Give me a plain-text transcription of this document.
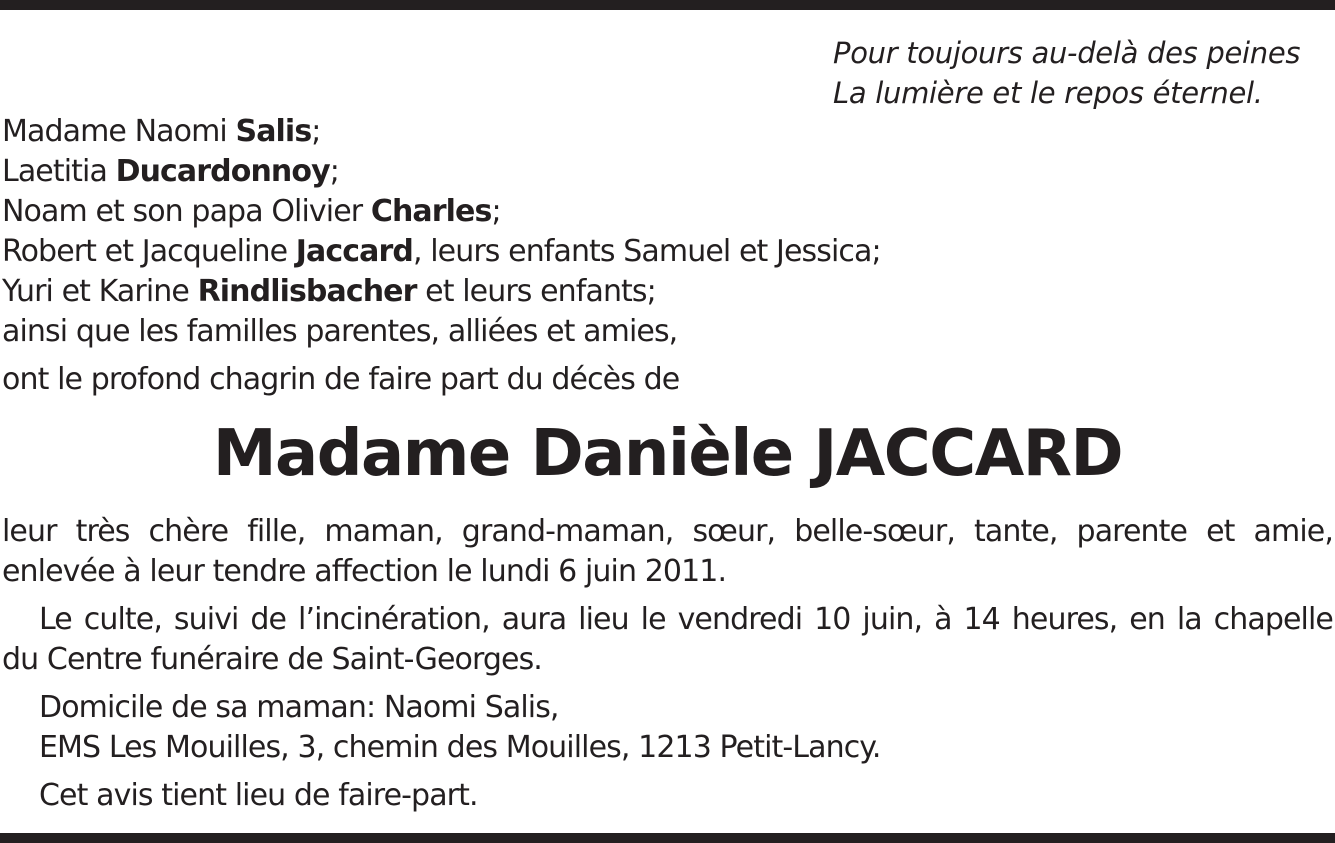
Pour toujours au-delà des peines
La lumière et le repos éternel.
Madame Naomi Salis;
Laetitia Ducardonnoy;
Noam et son papa Olivier Charles;
Robert et Jacqueline Jaccard, leurs enfants Samuel et Jessica;
Yuri et Karine Rindlisbacher et leurs enfants;
ainsi que les familles parentes, alliées et amies,
ont le profond chagrin de faire part du décès de
Madame Danièle JACCARD
leur très chère fille, maman, grand-maman, sœur, belle-sœur, tante, parente et amie,
enlevée à leur tendre affection le lundi 6 juin 2011.
Le culte, suivi de l’incinération, aura lieu le vendredi 10 juin, à 14 heures, en la chapelle
du Centre funéraire de Saint-Georges.
Domicile de sa maman: Naomi Salis,
EMS Les Mouilles, 3, chemin des Mouilles, 1213 Petit-Lancy.
Cet avis tient lieu de faire-part.
